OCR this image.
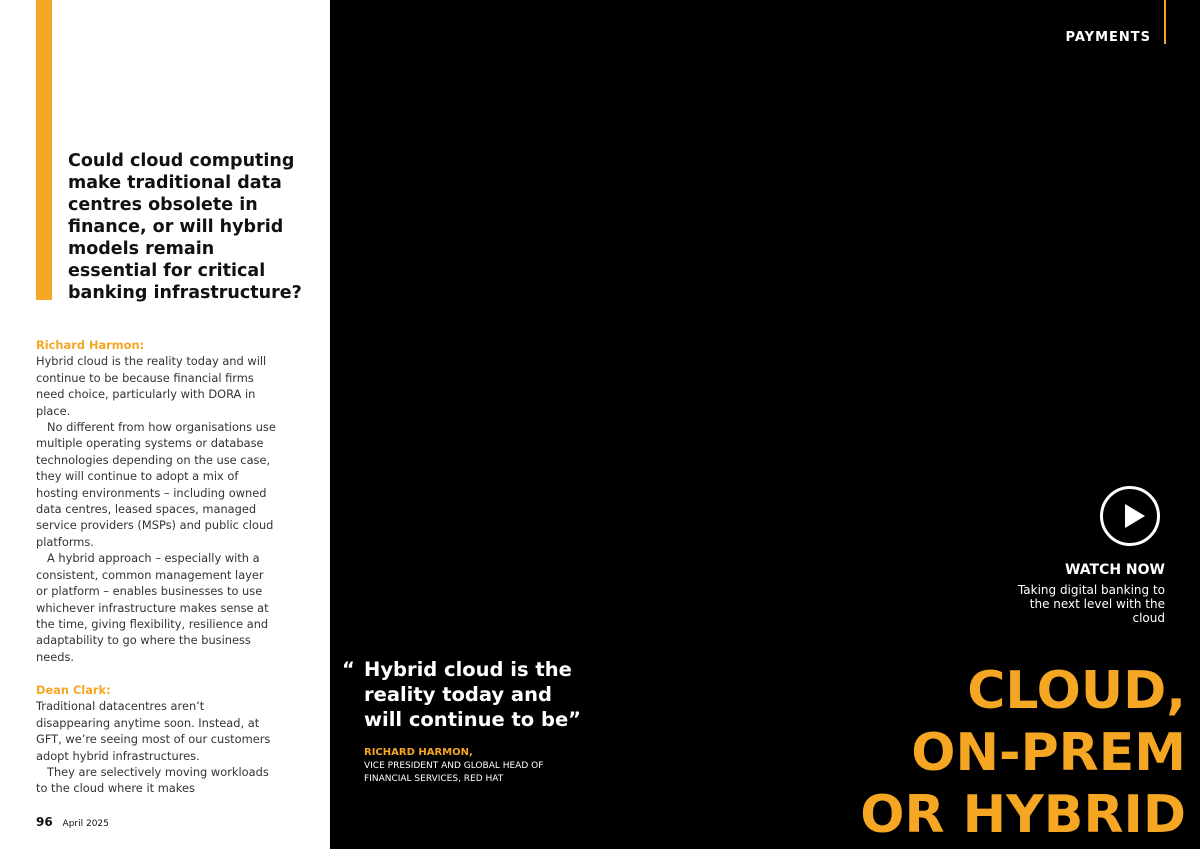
Could cloud computing make traditional data centres obsolete in finance, or will hybrid models remain essential for critical banking infrastructure?

Richard Harmon:

Hybrid cloud is the reality today and will continue to be because financial firms need choice, particularly with DORA in place.

No different from how organisations use multiple operating systems or database technologies depending on the use case, they will continue to adopt a mix of hosting environments – including owned data centres, leased spaces, managed service providers (MSPs) and public cloud platforms.

A hybrid approach – especially with a consistent, common management layer or platform – enables businesses to use whichever infrastructure makes sense at the time, giving flexibility, resilience and adaptability to go where the business needs.

Dean Clark:

Traditional datacentres aren’t disappearing anytime soon. Instead, at GFT, we’re seeing most of our customers adopt hybrid infrastructures.

They are selectively moving workloads to the cloud where it makes

96 April 2025
PAYMENTS
WATCH NOW
Taking digital banking to the next level with the cloud
“ Hybrid cloud is the reality today and will continue to be”
RICHARD HARMON,
VICE PRESIDENT AND GLOBAL HEAD OF FINANCIAL SERVICES, RED HAT
CLOUD,
ON-PREM
OR HYBRID
